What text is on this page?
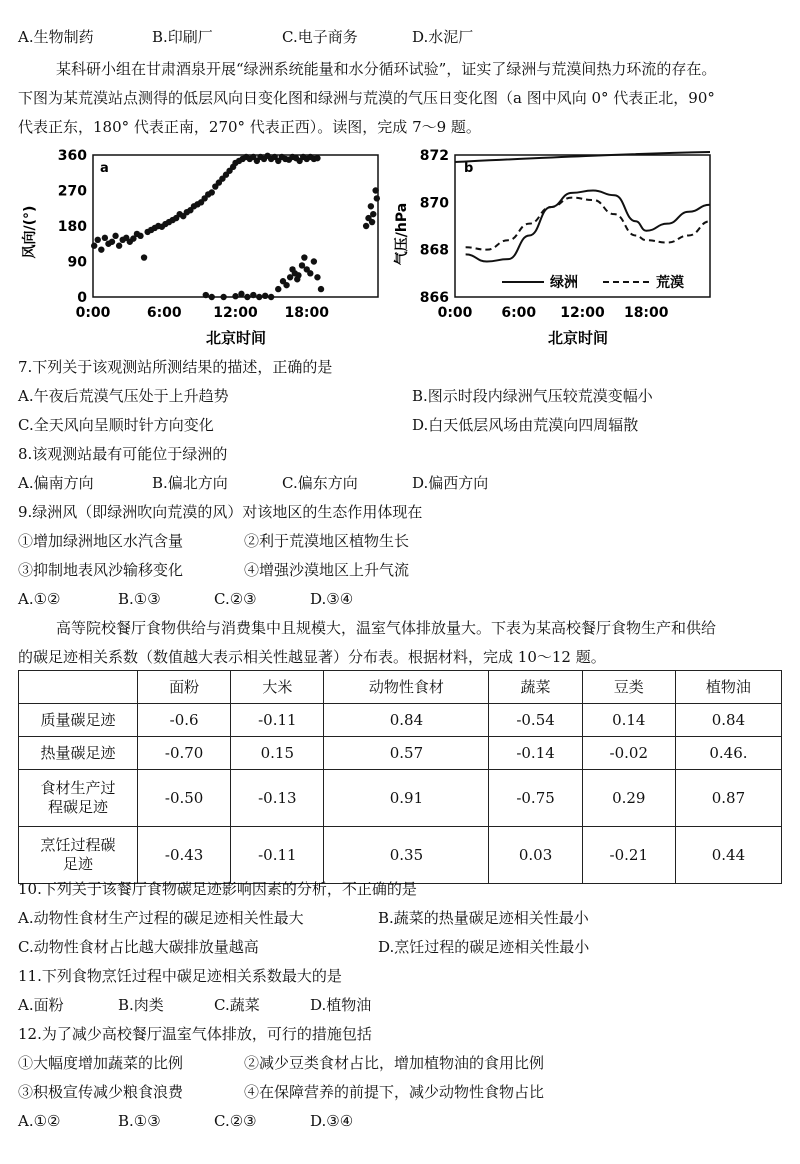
A.生物制药	B.印刷厂	C.电子商务	D.水泥厂
某科研小组在甘肃酒泉开展“绿洲系统能量和水分循环试验”，证实了绿洲与荒漠间热力环流的存在。
下图为某荒漠站点测得的低层风向日变化图和绿洲与荒漠的气压日变化图（a 图中风向 0° 代表正北，90°
代表正东，180° 代表正南，270° 代表正西）。读图，完成 7～9 题。
a
0
90
180
270
360
0:00	6:00 12:00 18:00
风向/(°)
北京时间
b
866
868
870
872
0:00 6:00 12:00 18:00
绿洲	荒漠
气压/hPa
北京时间
7.下列关于该观测站所测结果的描述，正确的是
A.午夜后荒漠气压处于上升趋势	B.图示时段内绿洲气压较荒漠变幅小
C.全天风向呈顺时针方向变化	D.白天低层风场由荒漠向四周辐散
8.该观测站最有可能位于绿洲的
A.偏南方向	B.偏北方向	C.偏东方向	D.偏西方向
9.绿洲风（即绿洲吹向荒漠的风）对该地区的生态作用体现在
①增加绿洲地区水汽含量	②利于荒漠地区植物生长
③抑制地表风沙输移变化	④增强沙漠地区上升气流
A.①②	B.①③	C.②③	D.③④
高等院校餐厅食物供给与消费集中且规模大，温室气体排放量大。下表为某高校餐厅食物生产和供给
的碳足迹相关系数（数值越大表示相关性越显著）分布表。根据材料，完成 10～12 题。
	面粉	大米	动物性食材	蔬菜	豆类	植物油
质量碳足迹	-0.6	-0.11	0.84	-0.54	0.14	0.84
热量碳足迹	-0.70	0.15	0.57	-0.14	-0.02	0.46.
食材生产过
程碳足迹	-0.50	-0.13	0.91	-0.75	0.29	0.87
烹饪过程碳
足迹	-0.43	-0.11	0.35	0.03	-0.21	0.44
10.下列关于该餐厅食物碳足迹影响因素的分析，不正确的是
A.动物性食材生产过程的碳足迹相关性最大	B.蔬菜的热量碳足迹相关性最小
C.动物性食材占比越大碳排放量越高	D.烹饪过程的碳足迹相关性最小
11.下列食物烹饪过程中碳足迹相关系数最大的是
A.面粉	B.肉类	C.蔬菜	D.植物油
12.为了减少高校餐厅温室气体排放，可行的措施包括
①大幅度增加蔬菜的比例	②减少豆类食材占比，增加植物油的食用比例
③积极宣传减少粮食浪费	④在保障营养的前提下，减少动物性食物占比
A.①②	B.①③	C.②③	D.③④
